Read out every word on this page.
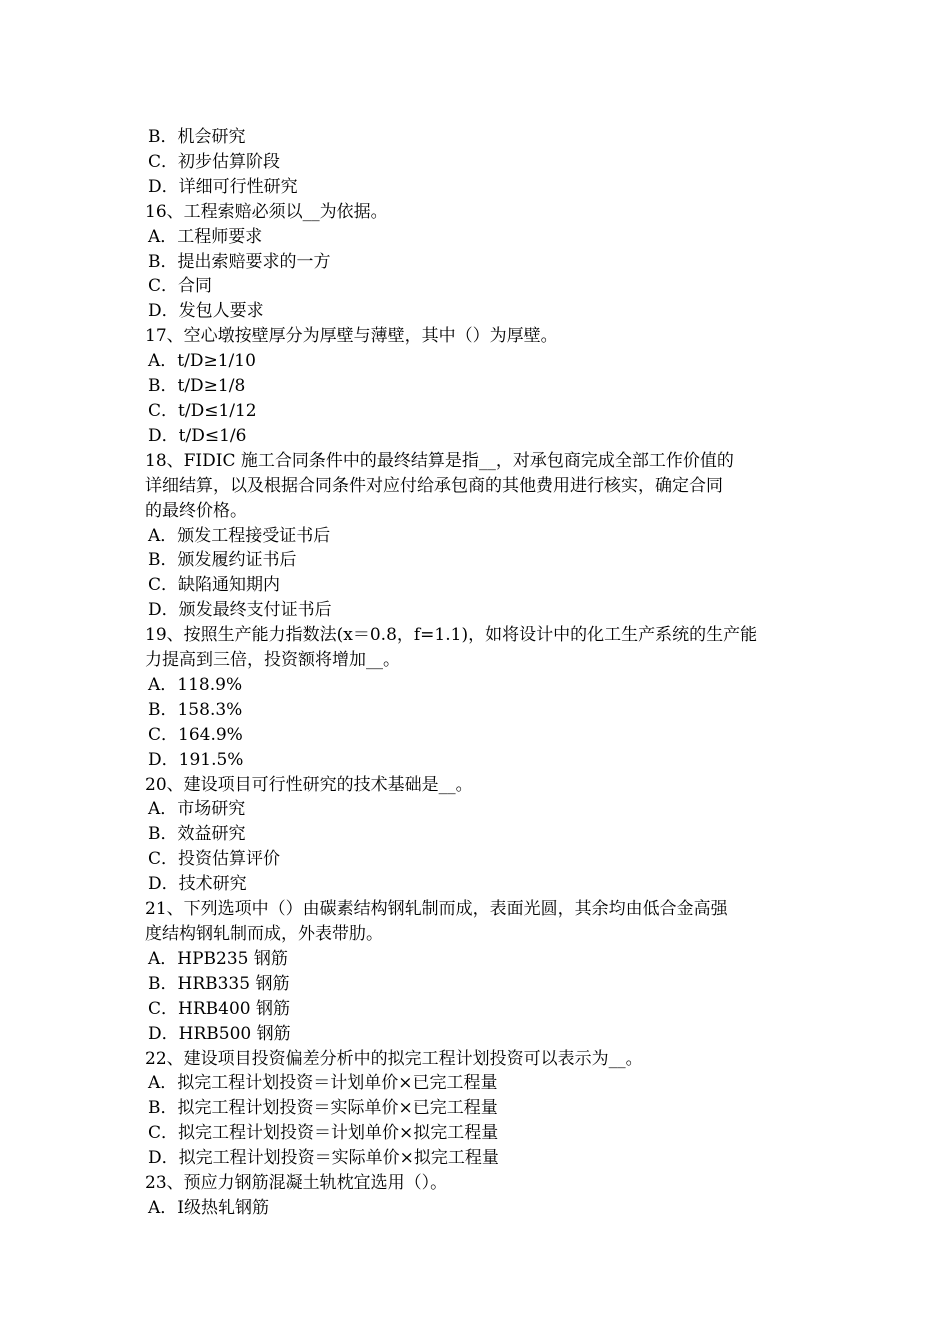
B．机会研究

C．初步估算阶段

D．详细可行性研究

16、工程索赔必须以__为依据。

A．工程师要求

B．提出索赔要求的一方

C．合同

D．发包人要求

17、空心墩按壁厚分为厚壁与薄壁，其中（）为厚壁。

A．t/D≥1/10

B．t/D≥1/8

C．t/D≤1/12

D．t/D≤1/6

18、FIDIC 施工合同条件中的最终结算是指__，对承包商完成全部工作价值的

详细结算，以及根据合同条件对应付给承包商的其他费用进行核实，确定合同

的最终价格。

A．颁发工程接受证书后

B．颁发履约证书后

C．缺陷通知期内

D．颁发最终支付证书后

19、按照生产能力指数法(x＝0.8，f=1.1)，如将设计中的化工生产系统的生产能

力提高到三倍，投资额将增加__。

A．118.9%

B．158.3%

C．164.9%

D．191.5%

20、建设项目可行性研究的技术基础是__。

A．市场研究

B．效益研究

C．投资估算评价

D．技术研究

21、下列选项中（）由碳素结构钢轧制而成，表面光圆，其余均由低合金高强

度结构钢轧制而成，外表带肋。

A．HPB235 钢筋

B．HRB335 钢筋

C．HRB400 钢筋

D．HRB500 钢筋

22、建设项目投资偏差分析中的拟完工程计划投资可以表示为__。

A．拟完工程计划投资＝计划单价×已完工程量

B．拟完工程计划投资＝实际单价×已完工程量

C．拟完工程计划投资＝计划单价×拟完工程量

D．拟完工程计划投资＝实际单价×拟完工程量

23、预应力钢筋混凝土轨枕宜选用（）。

A．Ⅰ级热轧钢筋
